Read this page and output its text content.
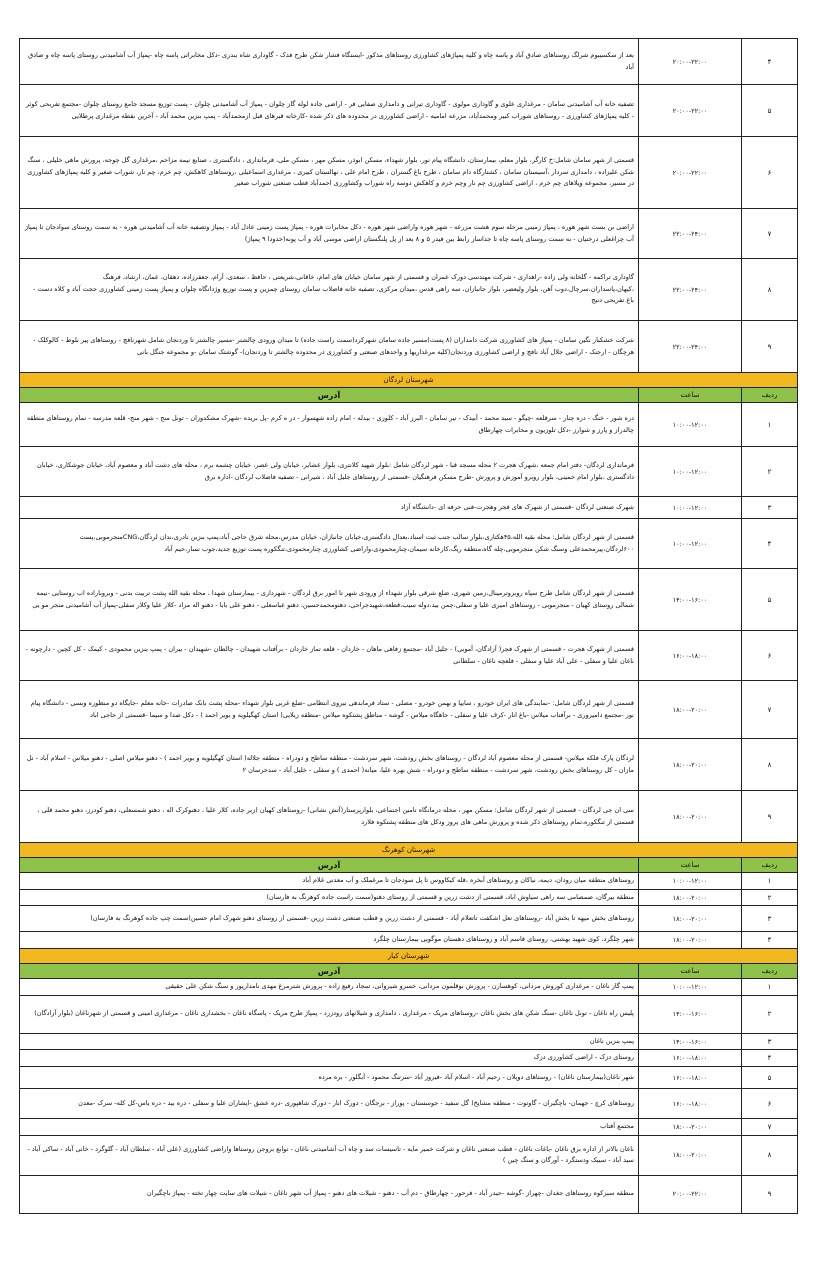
۴	۲۰:۰۰-۲۲:۰۰	بعد از سکسیبوم شرلگ روستاهای صادق آباد و پاسه چاه و کلیه پمپاژهای کشاورزی روستاهای مذکور -ایستگاه فشار شکن طرح فدک - گاوداری شاه بندری -دکل مخابراتی پاسه چاه -پمپاژ آب آشامیدنی روستای پاسه چاه و صادق آباد
۵	۲۰:۰۰-۲۲:۰۰	تصفیه خانه آب آشامیدنی سامان - مرغداری علوی و گاوداری مولوی - گاوداری تیرانی و دامداری صفایی فر - اراضی جاده لوله گاز چلوان - پمپاژ آب آشامیدنی چلوان - پست توزیع مسجد جامع روستای چلوان -مجتمع تفریحی کوثر - کلیه پمپاژهای کشاورزی - روستاهای شوراب کبیر ومحمدآباد، مزرعه امامیه - اراضی کشاورزی در محدوده های ذکر شده -کارخانه قیرهای قبل ازمحمدآباد - پمپ بنزین محمد آباد - آخرین نقطه مرغداری پرطلایی
۶	۲۰:۰۰-۲۲:۰۰	قسمتی از شهر سامان شامل:خ کارگر، بلوار معلم، بیمارستان، دانشگاه پیام نور، بلوار شهداء، مسکن ابوذر، مسکن مهر ، مسکن ملی، فرمانداری ، دادگستری ، صنایع نیمه مزاحم ،مرغداری گل چوجه، پرورش ماهی خلیلی ، سنگ شکن علیزاده ، دامداری سردار ،آسیستان سامان ، کشتارگاه دام سامان ، طرح باغ گستران ، طرح امام علی ، نهالستان کبیری ، مرغداری اسماعیلی ،روستاهای کاهکش، چم خرم، چم نار، شوراب صغیر و کلیه پمپاژهای کشاورزی در مسیر، مجموعه ویلاهای چم خرم ، اراضی کشاورزی چم نار وچم خرم و کاهکش دوسه راه شوراب وکشاورزی احمدآباد قطب صنعتی شوراب صغیر
۷	۲۲:۰۰-۲۴:۰۰	اراضی بن بست شهر هوره ، پمپاژ زمینی مرحله سوم هشت مزرعه - شهر هوره واراضی شهر هوره - دکل مخابرات هوره - پمپاژ پست زمینی عادل آباد - پمپاژ وتصفیه خانه آب آشامیدنی هوره - به سمت روستای سوادجان تا پمپاژ آب چراغعلی درختیان - به سمت روستای پاسه چاه تا جداساز رابط بین فیدر ۵ و ۸ بعد از پل پلنگستان اراضی موسی آباد و آب پونه(حدودا ۹ پمپاژ)
۸	۲۲:۰۰-۲۴:۰۰	گاوداری تراکمه - گلخانه ولی زاده -راهداری - شرکت مهندسی دورک عمران و قسمتی از شهر سامان خیابان های امام، خاقانی،شریعتی ، حافظ ، سعدی، آرام، جعفرزاده، دهقان، عمان، ارشاد، فرهنگ ،کیهان،پاسداران،سرچال،دوب آهن، بلوار ولیعصر، بلوار جانبازان، سه راهی قدس ،میدان مرکزی، تصفیه خانه فاضلاب سامان روستای چمزین و پست توزیع وژدانگاه چلوان و پمپاژ پست زمینی کشاورزی حجت آباد و کلاه دست - باغ تفریحی دنیج
۹	۲۲:۰۰-۲۴:۰۰	شرکت خشکبار نگین سامان - پمپاژ های کشاورزی شرکت دامداران (۸ پست)مسیر جاده سامان شهرکرد(سمت راست جاده) تا میدان ورودی چالشتر -مسیر چالشتر تا وردنجان شامل شهرنافچ - روستاهای پیر بلوط - کالوکلک - هرچگان - ارجنک - اراضی جلال آباد نافچ و اراضی کشاورزی وردنجان(کلیه مرغداریها و واحدهای صنعتی و کشاورزی در محدوده چالشتر تا وردنجان)- گوشتک سامان -و مجموعه جنگل بانی
شهرستان لردگان		
ردیف	ساعت	آدرس
۱	۱۰:۰۰-۱۲:۰۰	دره شور - خنگ - دره چنار - سرقلعه -چیگو - سید محمد - آبیدک - تیر سامان - البرز آباد - کلوزی - بیدله - امام زاده شهسوار - در ه کرم -پل بریده -شهرک مشکدوزان - تونل منج - شهر منج- قلعه مدرسه - تمام روستاهای منطقه چالدراز و پارز و شوارز -دکل تلوزیون و مخابرات چهارطاق
۲	۱۰:۰۰-۱۲:۰۰	فرمانداری لردگان- دفتر امام جمعه ،شهرک هجرت ۲ محله مسجد قبا - شهر لردگان شامل :بلوار شهید کلانتری، بلوار عشایر، خیابان ولی عصر، خیابان چشمه برم ، محله های دشت آباد و معصوم آباد، خیابان جوشکاری، خیابان دادگستری ،بلوار امام خمینی، بلوار روبرو آموزش و پرورش -طرح مسکن فرهنگیان -قسمتی از روستاهای جلیل آباد ، شیرانی - تصفیه فاضلاب لردگان -اداره برق
۳	۱۰:۰۰-۱۲:۰۰	شهرک صنعتی لردگان -قسمتی از شهرک های فجر وهجرت-فنی حرفه ای -دانشگاه آزاد
۴	۱۰:۰۰-۱۲:۰۰	قسمتی از شهر لردگان شامل: محله بقیه الله،۴۵هکتاری،بلوار سالب جنب ثبت اسناد،بعدال دادگستری،خیابان جانبازان، خیابان مدرس،محله شرق حاجی آباد،پمپ بنزین نادری،ندان لردگان،CNGمنجرموبی،پست ۶۰۰لردگان،پیرمحمدعلی وسنگ شکن منجرموبی،چله گاه،منطقه ریگ،کارخانه سیمان،چنارمحمودی،واراضی کشاورزی چنارمحمودی،تنگکوره پست توزیع جدید،جوب نسار،حیم آباد
۵	۱۴:۰۰-۱۶:۰۰	قسمتی از شهر لردگان شامل طرح سپاه روبروترمینال،زمین شهری، ضلع شرقی بلوار شهداء از ورودی شهر تا امور برق لردگان - شهرداری - بیمارستان شهدا ، محله بقیه الله پشت تربیت بدنی - وبروباراده اب روستایی -نیمه شمالی روستای کهیان - منجرموبی - روستاهای امیری علیا و سفلی،چمن بید،دوله سیب،قطعه،شهیدجراحی، دهنومحمدحسین، دهنو عباسعلی - دهنو علی بابا - دهنو اله مراد -کلار علیا وکلار سفلی-پمپاژ آب آشامیدنی منجر مو یی
۶	۱۶:۰۰-۱۸:۰۰	قسمتی از شهرک هجرت - قسمتی از شهرک فجر( آزادگان، آموبی) - جلیل آباد -مجتمع زفاهی ماهان - خاردان - قلعه تماز خاردان - برآفتاب شهیدان - چالطان -شهیدان - بیران - پمپ بنزین محمودی - کیمک - کل کچین - دارچونه - ناغان علیا و سفلی - علی آباد علیا و سفلی - قلعچه ناغان - سلطانی
۷	۱۸:۰۰-۲۰:۰۰	قسمتی از شهر لردگان شامل: -نمایندگی های ایران خودرو ، سایپا و بهمن خودرو - مصلی - ستاد فرماندهی نیروی انتظامی -ضلع غربی بلوار شهداء -محله پشت بانک صادرات -خانه معلم -جایگاه دو منظوره وبسی - دانشگاه پیام نور -مجتمع دامپروری - برآفتاب میلاس -باغ انار -کرف علیا و سفلی - جاهگاه میلاس - گوشه - مناطق پشتکوه میلاس -منطقه زیلایی( استان کهگیلویه و بویر احمد ) - دکل صدا و سیما -قسمتی از حاجی اباد
۸	۱۸:۰۰-۲۰:۰۰	لردگان پارک فلکه میلاس- قسمتی از محله معصوم آباد لردگان - روستاهای بخش رودشت، شهر سردشت - منطقه ساطح و دودراه - منطقه جلاله( استان کهگیلویه و بویر احمد ) - دهنو میلاس اصلی - دهنو میلاس - اسلام آباد - تل مازان - کل روستاهای بخش رودشت، شهر سردشت - منطقه ساطح و دودراه - شش بهره علیا، میانه( احمدی ) و سفلی - خلیل آباد - سدحرسان ۲
۹	۱۸:۰۰-۲۰:۰۰	سی ان جی لردگان - قسمتی از شهر لردگان شامل: مسکن مهر ، محله درمانگاه تامین اجتماعی، بلوارپرستار(آتش نشانی) -روستاهای کهیان (زیر جاده، کلار علیا ، دهنوکرک اله ، دهنو شمسعلی، دهنو کودرز، دهنو محمد قلی ، قسمتی از تنگکوره،تمام روستاهای ذکر شده و پرورش ماهی های پروز ودکل های منطقه پشتکوه فلارد
شهرستان کوهرنگ		
ردیف	ساعت	آدرس
۱	۱۰:۰۰-۱۲:۰۰	روستاهای منطقه میان رودان، دیمه، نیاکان و روستاهای آبخره ،قله کیکاووس تا پل سودجان تا مرغملک و آب معدنی غلام آباد
۲	۱۸:۰۰-۲۰:۰۰	منطقه بیرگان، صمصامی سه راهی سیاوش اباد، قسمتی از دشت زرین و قسمتی از روستای دهنو(سمت راست جاده کوهرنگ به فارسان)
۳	۱۸:۰۰-۲۰:۰۰	روستاهای بخش میهه تا بخش آباد -روستاهای تعل اشکفت تاتعلام آباد - قسمتی از دشت زرین و قطب صنعتی دشت زرین -قسمتی از روستای دهنو شهرک امام حسین(سمت چپ جاده کوهرنگ به فارسان)
۴	۱۸:۰۰-۲۰:۰۰	شهر چلگرد، کوی شهید بهشتی، روستای قاسم آباد و روستاهای دهستان موگویی بیمارستان چلگرد
شهرستان کیار		
ردیف	ساعت	آدرس
۱	۱۰:۰۰-۱۲:۰۰	پمپ گاز ناغان - مرغداری کوروش مردانی، کوهسارن - پرورش بوقلمون مردانی، خسرو شیروانی، سجاد رفیع زاده - پرورش شترمرغ مهدی نامدارپور و سنگ شکن علی حقیقی
۲	۱۴:۰۰-۱۶:۰۰	پلیس راه ناغان - تونل ناغان -سنگ شکن های بخش ناغان -روستاهای مریک - مرغداری ، دامداری و شیلاتهای رودزرد - پمپاژ طرح مریک - پاسگاه ناغان - بخشداری ناغان - مرغداری امینی و قسمتی از شهرناغان (بلوار آزادگان)
۳	۱۴:۰۰-۱۶:۰۰	پمپ بنزین ناغان
۴	۱۶:۰۰-۱۸:۰۰	روستای دزک - اراضی کشاورزی دزک
۵	۱۶:۰۰-۱۸:۰۰	شهر ناغان(بیمارستان ناغان) - روستاهای دوپلان - رحیم آباد - اسلام آباد -فیروز آباد -سرتنگ محمود - آبگلور - بره مرده
۶	۱۶:۰۰-۱۸:۰۰	روستاهای کرچ - جهمان- باچگیران - گاوتوت - منطقه مشایخ( گل سفید - جوسستان - پوراز - برجگان - دورک انار - دورک شاهپوری -دره عشق -ایشاران علیا و سفلی - دره بید - دره یاس-کل کله- سرک -معدن
۷	۱۸:۰۰-۲۰:۰۰	مجتمع آفتاب
۸	۱۸:۰۰-۲۰:۰۰	ناغان بالاتر از اداره برق ناغان -باغات ناغان - قطب صنعتی ناغان و شرکت خمیر مایه - تاسیسات سد و چاه آب آشامیدنی ناغان - توابع بروجن روستاها واراضی کشاورزی (علی آباد - سلطان آباد - گلوگرد - خانی آباد - ساکی آباد - سید آباد - سیبک ودستگرد - آورگان و سنگ چین )
۹	۲۰:۰۰-۲۲:۰۰	منطقه سبزکوه روستاهای جغدان -چهراز -گوشه -حیدر آباد - فرحور - چهارطاق - دم آب - دهنو - شیلات های دهنو - پمپاژ آب شهر ناغان - شیلات های سایت چهار تخته - پمپاژ باچگیران
